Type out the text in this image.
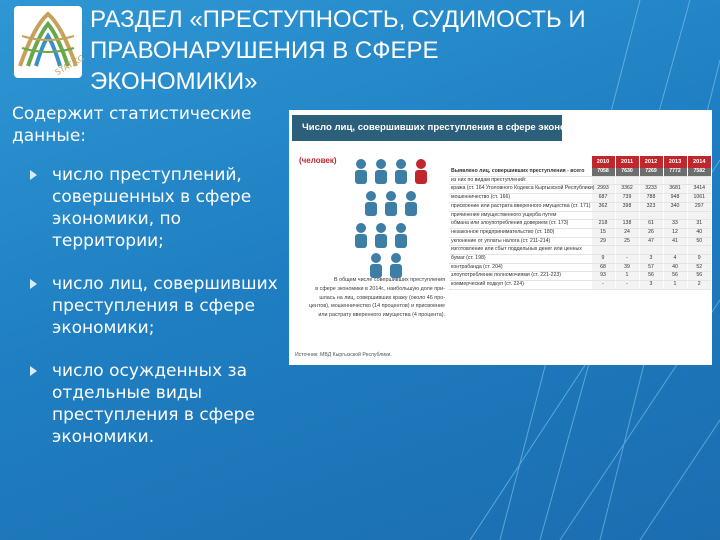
STAT.KG
РАЗДЕЛ «ПРЕСТУПНОСТЬ, СУДИМОСТЬ И
ПРАВОНАРУШЕНИЯ В СФЕРЕ
ЭКОНОМИКИ»
Содержит статистические данные:
число преступлений, совершенных в сфере экономики, по территории;
число лиц, совершивших преступления в сфере экономики;
число осужденных за отдельные виды преступления в сфере экономики.
Число лиц, совершивших преступления в сфере экономики
(человек)
В общем числе совершивших преступления
в сфере экономики в 2014г., наибольшую доле при-
шлась на лиц, совершивших кражу (около 46 про-
центов), мошенничество (14 процентов) и присвоение
или растрату вверенного имущества (4 процента).
Источник: МВД Кыргызской Республики.
	2010	2011	2012	2013	2014
Выявлено лиц, совершивших преступления - всего	7058	7630	7269	7772	7582
из них по видам преступлений:					
кража (ст. 164 Уголовного Кодекса Кыргызской Республики)	2993	3362	3233	3681	3414
мошенничество (ст. 166)	687	739	788	948	1061
присвоение или растрата вверенного имущества (ст. 171)	362	398	323	340	297
причинение имущественного ущерба путем					
обмана или злоупотребления доверием (ст. 173)	218	138	61	33	31
незаконное предпринимательство (ст. 180)	15	24	26	12	40
уклонение от уплаты налога (ст. 211-214)	29	25	47	41	50
изготовление или сбыт поддельных денег или ценных					
бумаг (ст. 198)	9	-	3	4	9
контрабанда (ст. 204)	68	39	57	40	52
злоупотребление полномочиями (ст. 221-223)	93	1	56	56	56
коммерческий подкуп (ст. 224)	-	-	3	1	2
